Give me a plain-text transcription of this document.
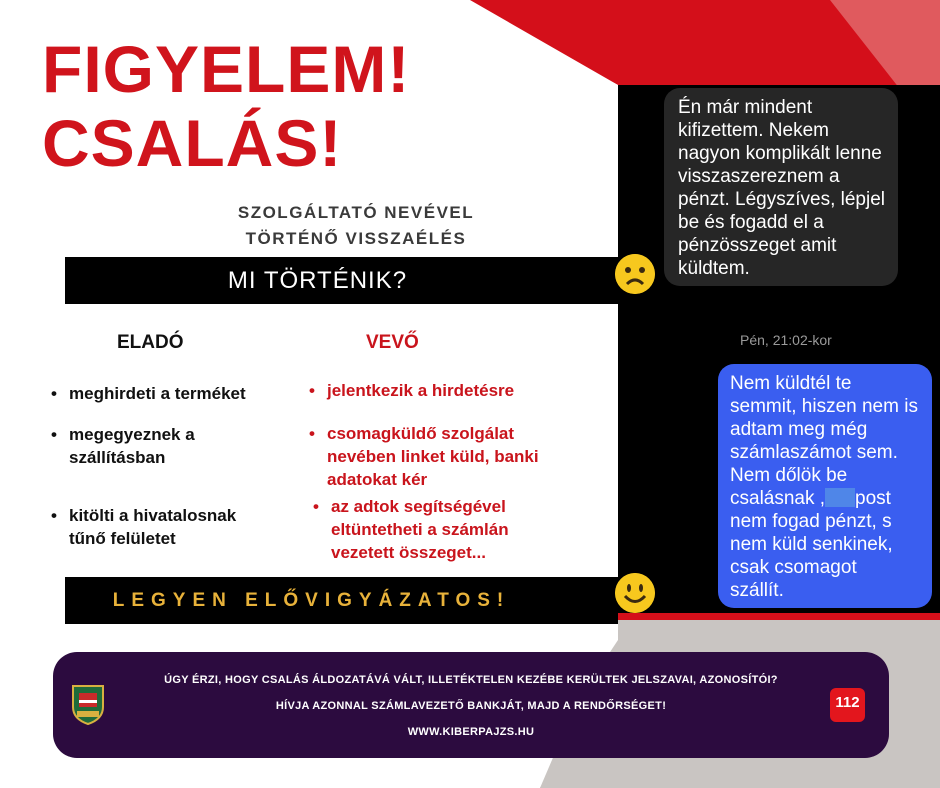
FIGYELEM!
CSALÁS!
SZOLGÁLTATÓ NEVÉVEL
TÖRTÉNŐ VISSZAÉLÉS
MI TÖRTÉNIK?
ELADÓ	VEVŐ
• meghirdeti a terméket
• megegyeznek a
szállításban
• kitölti a hivatalosnak
tűnő felületet
• jelentkezik a hirdetésre
• csomagküldő szolgálat
nevében linket küld, banki
adatokat kér
• az adtok segítségével
eltüntetheti a számlán
vezetett összeget...
LEGYEN ELŐVIGYÁZATOS!
Én már mindent
kifizettem. Nekem
nagyon komplikált lenne
visszaszereznem a
pénzt. Légyszíves, lépjel
be és fogadd el a
pénzösszeget amit
küldtem.
Pén, 21:02-kor
Nem küldtél te
semmit, hiszen nem is
adtam meg még
számlaszámot sem.
Nem dőlök be
csalásnak , post
nem fogad pénzt, s
nem küld senkinek,
csak csomagot
szállít.
ÚGY ÉRZI, HOGY CSALÁS ÁLDOZATÁVÁ VÁLT, ILLETÉKTELEN KEZÉBE KERÜLTEK JELSZAVAI, AZONOSÍTÓI?
HÍVJA AZONNAL SZÁMLAVEZETŐ BANKJÁT, MAJD A RENDŐRSÉGET!
WWW.KIBERPAJZS.HU
112
